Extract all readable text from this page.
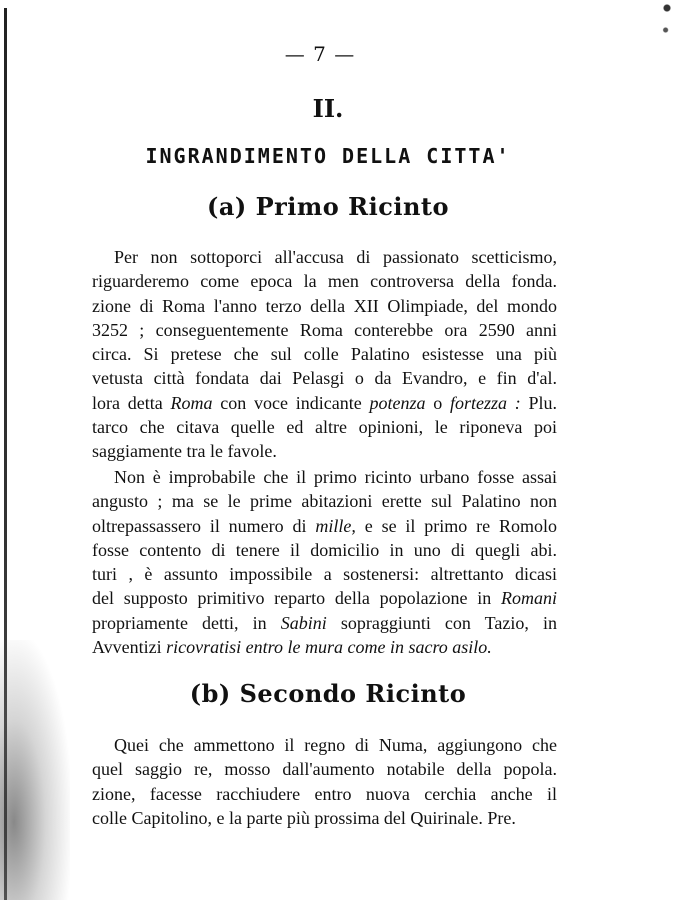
— 7 —
II.
INGRANDIMENTO DELLA CITTA'
(a) Primo Ricinto
Per non sottoporci all'accusa di passionato scetticismo,
riguarderemo come epoca la men controversa della fonda.
zione di Roma l'anno terzo della XII Olimpiade, del mondo
3252 ; conseguentemente Roma conterebbe ora 2590 anni
circa. Si pretese che sul colle Palatino esistesse una più
vetusta città fondata dai Pelasgi o da Evandro, e fin d'al.
lora detta Roma con voce indicante potenza o fortezza : Plu.
tarco che citava quelle ed altre opinioni, le riponeva poi
saggiamente tra le favole.
Non è improbabile che il primo ricinto urbano fosse assai
angusto ; ma se le prime abitazioni erette sul Palatino non
oltrepassassero il numero di mille, e se il primo re Romolo
fosse contento di tenere il domicilio in uno di quegli abi.
turi , è assunto impossibile a sostenersi: altrettanto dicasi
del supposto primitivo reparto della popolazione in Romani
propriamente detti, in Sabini sopraggiunti con Tazio, in
Avventizi ricovratisi entro le mura come in sacro asilo.
(b) Secondo Ricinto
Quei che ammettono il regno di Numa, aggiungono che
quel saggio re, mosso dall'aumento notabile della popola.
zione, facesse racchiudere entro nuova cerchia anche il
colle Capitolino, e la parte più prossima del Quirinale. Pre.
